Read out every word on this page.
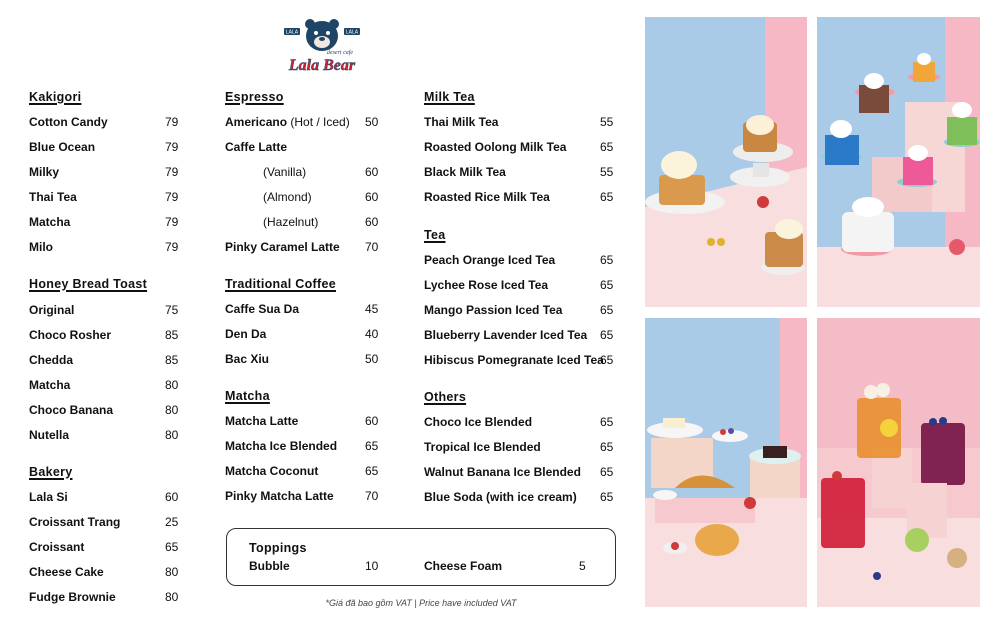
LALA	LALA
desert cafe
Lala Bear
Kakigori
Cotton Candy	79
Blue Ocean	79
Milky	79
Thai Tea	79
Matcha	79
Milo	79
Honey Bread Toast
Original	75
Choco Rosher	85
Chedda	85
Matcha	80
Choco Banana	80
Nutella	80
Bakery
Lala Si	60
Croissant Trang	25
Croissant	65
Cheese Cake	80
Fudge Brownie	80
Espresso
Americano (Hot / Iced) 50
Caffe Latte
(Vanilla)	60
(Almond)	60
(Hazelnut)	60
Pinky Caramel Latte 70
Traditional Coffee
Caffe Sua Da	45
Den Da	40
Bac Xiu	50
Matcha
Matcha Latte	60
Matcha Ice Blended 65
Matcha Coconut	65
Pinky Matcha Latte	70
Milk Tea
Thai Milk Tea	55
Roasted Oolong Milk Tea	65
Black Milk Tea	55
Roasted Rice Milk Tea	65
Tea
Peach Orange Iced Tea	65
Lychee Rose Iced Tea	65
Mango Passion Iced Tea	65
Blueberry Lavender Iced Tea 65
Hibiscus Pomegranate Iced Tea
65
Others
Choco Ice Blended	65
Tropical Ice Blended	65
Walnut Banana Ice Blended 65
Blue Soda (with ice cream) 65
Toppings
Bubble	10	Cheese Foam	5
*Giá đã bao gồm VAT | Price have included VAT
